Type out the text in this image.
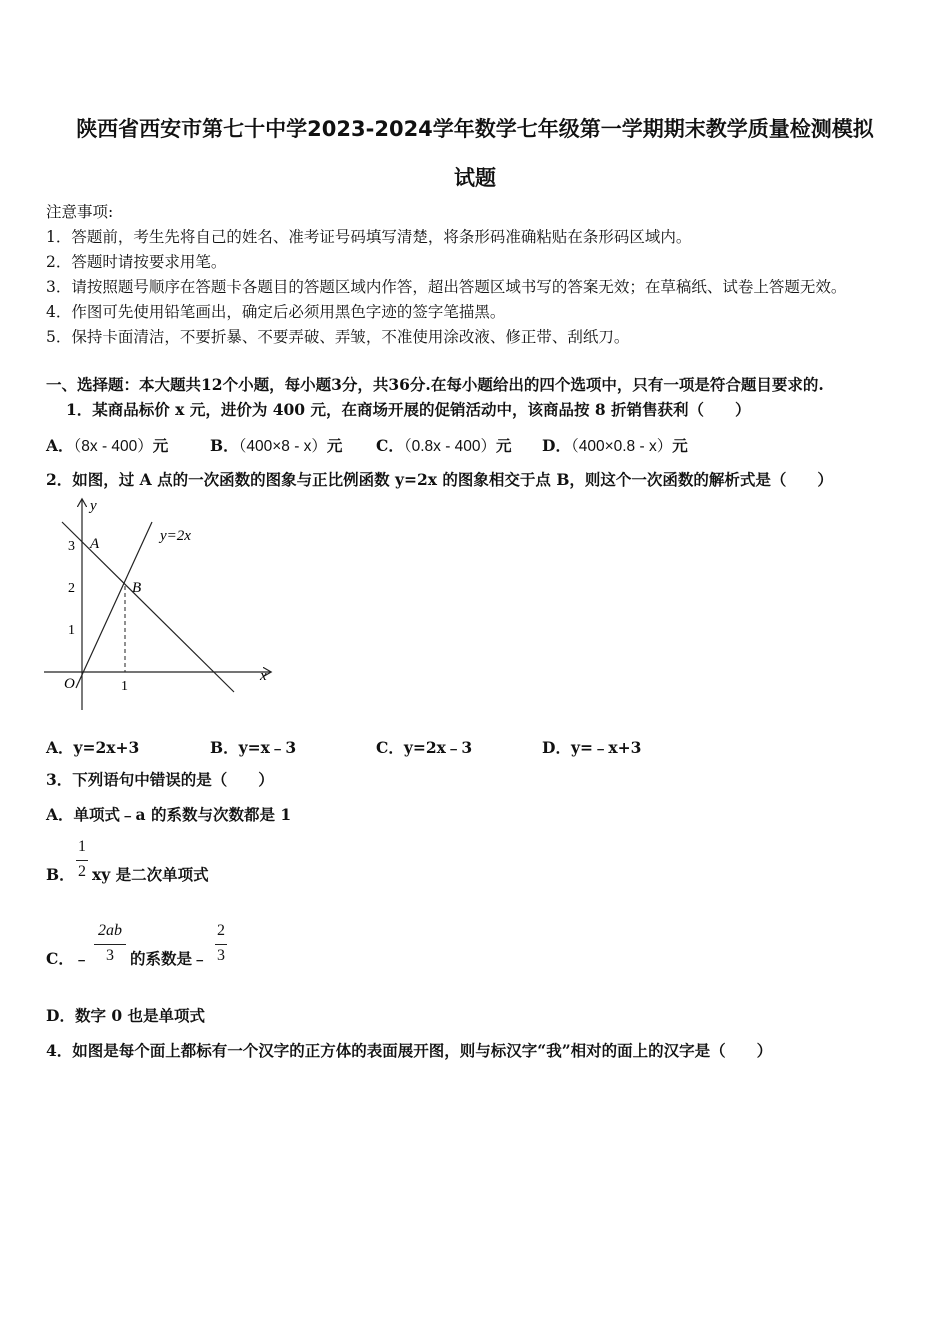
陕西省西安市第七十中学2023-2024学年数学七年级第一学期期末教学质量检测模拟
试题
注意事项:
1．答题前，考生先将自己的姓名、准考证号码填写清楚，将条形码准确粘贴在条形码区域内。
2．答题时请按要求用笔。
3．请按照题号顺序在答题卡各题目的答题区域内作答，超出答题区域书写的答案无效；在草稿纸、试卷上答题无效。
4．作图可先使用铅笔画出，确定后必须用黑色字迹的签字笔描黑。
5．保持卡面清洁，不要折暴、不要弄破、弄皱，不准使用涂改液、修正带、刮纸刀。
一、选择题：本大题共12个小题，每小题3分，共36分.在每小题给出的四个选项中，只有一项是符合题目要求的.
1．某商品标价 x 元，进价为 400 元，在商场开展的促销活动中，该商品按 8 折销售获利（　　）
A．（8x - 400）元	B．（400×8 - x）元 C．（0.8x - 400）元 D．（400×0.8 - x）元
2．如图，过 A 点的一次函数的图象与正比例函数 y=2x 的图象相交于点 B，则这个一次函数的解析式是（　　）
y
x
O
3
2
1
1
A
B
y=2x
A．y=2x+3	B．y=x﹣3	C．y=2x﹣3	D．y=﹣x+3
3．下列语句中错误的是（　　）
A．单项式﹣a 的系数与次数都是 1
B．
1
2 xy 是二次单项式
C．﹣
2ab
3	的系数是﹣
2
3
D．数字 0 也是单项式
4．如图是每个面上都标有一个汉字的正方体的表面展开图，则与标汉字“我”相对的面上的汉字是（　　）
